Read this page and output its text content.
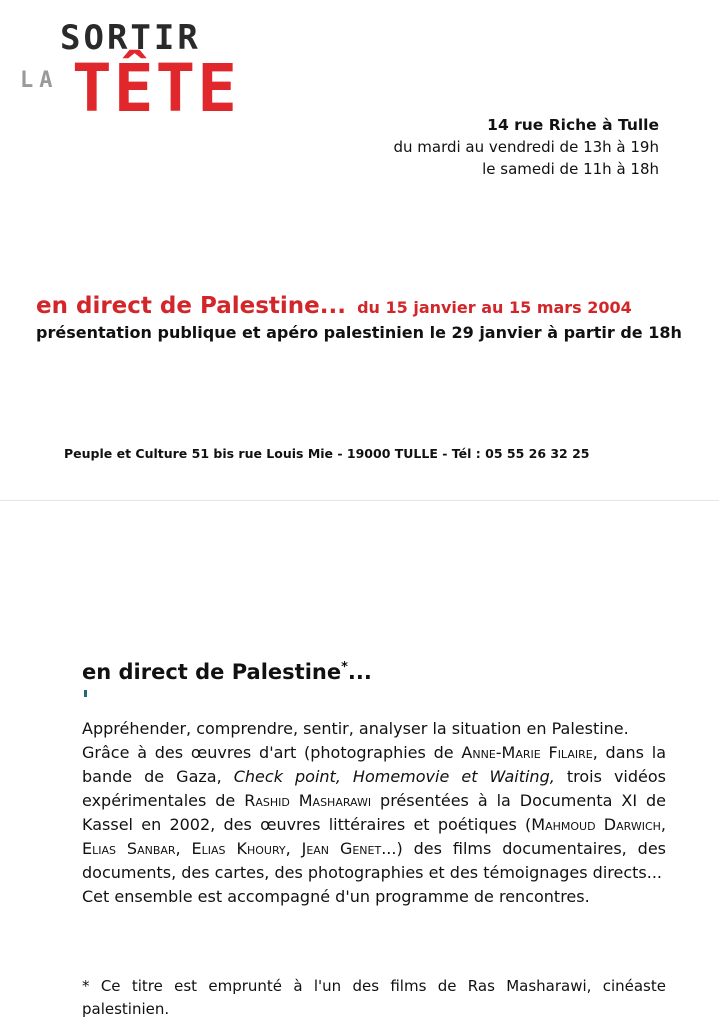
LA
SORTIR
TÊTE	14 rue Riche à Tulle
du mardi au vendredi de 13h à 19h
le samedi de 11h à 18h
en direct de Palestine... du 15 janvier au 15 mars 2004
présentation publique et apéro palestinien le 29 janvier à partir de 18h
Peuple et Culture 51 bis rue Louis Mie - 19000 TULLE - Tél : 05 55 26 32 25
en direct de Palestine*...

Appréhender, comprendre, sentir, analyser la situation en Palestine.

Grâce à des œuvres d'art (photographies de Anne-Marie Filaire, dans la bande de Gaza, Check point, Homemovie et Waiting, trois vidéos expérimentales de Rashid Masharawi présentées à la Documenta XI de Kassel en 2002, des œuvres littéraires et poétiques (Mahmoud Darwich, Elias Sanbar, Elias Khoury, Jean Genet...) des films documentaires, des documents, des cartes, des photographies et des témoignages directs...

Cet ensemble est accompagné d'un programme de rencontres.

* Ce titre est emprunté à l'un des films de Ras Masharawi, cinéaste palestinien.
